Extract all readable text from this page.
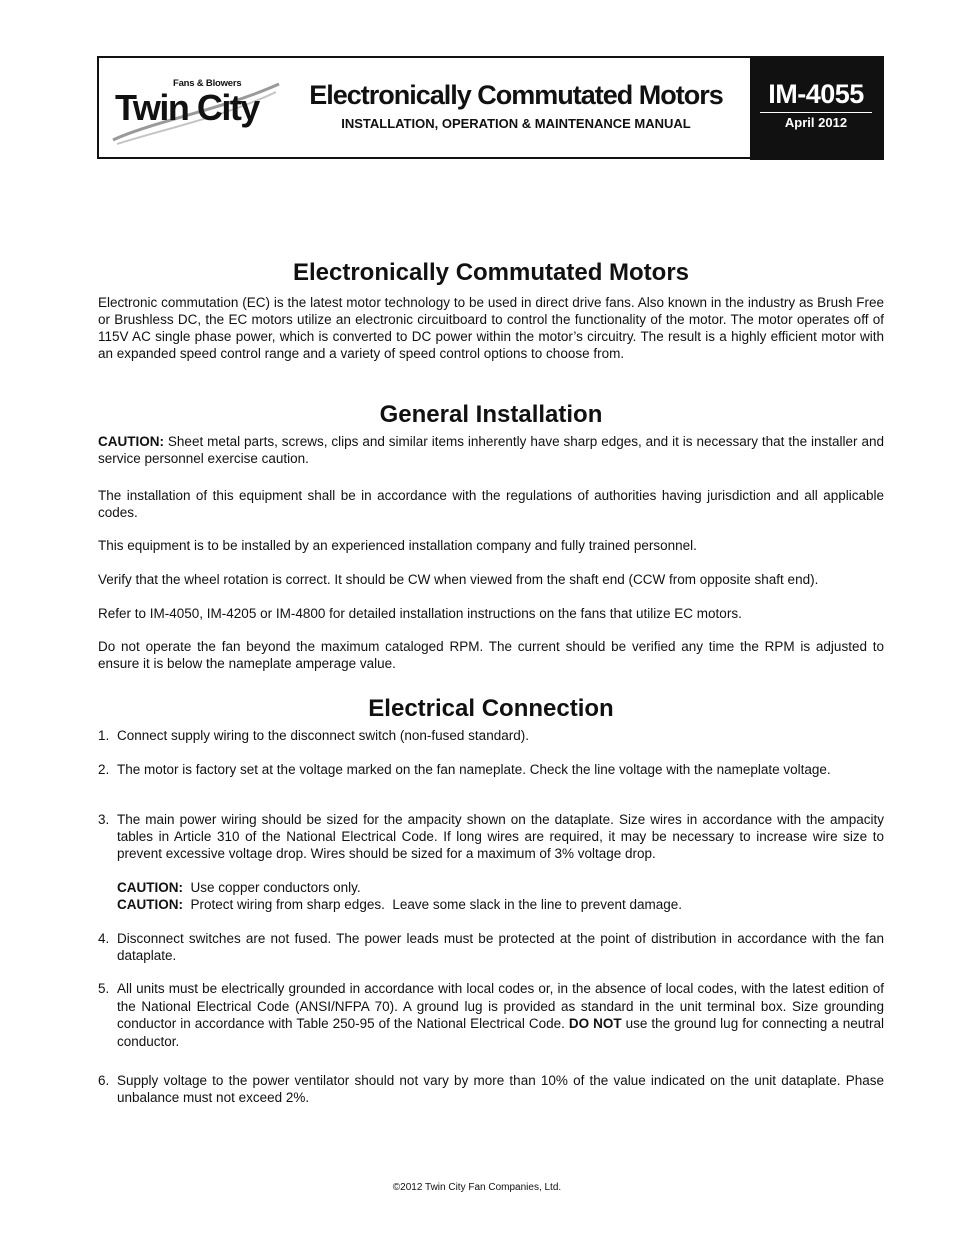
Fans & Blowers
Twin City	Electronically Commutated Motors
INSTALLATION, OPERATION & MAINTENANCE MANUAL
IM-4055
April 2012
Electronically Commutated Motors
Electronic commutation (EC) is the latest motor technology to be used in direct drive fans. Also known in the industry as Brush Free or Brushless DC, the EC motors utilize an electronic circuitboard to control the functionality of the motor. The motor operates off of 115V AC single phase power, which is converted to DC power within the motor’s circuitry. The result is a highly efficient motor with an expanded speed control range and a variety of speed control options to choose from.
General Installation
CAUTION: Sheet metal parts, screws, clips and similar items inherently have sharp edges, and it is necessary that the installer and service personnel exercise caution.
The installation of this equipment shall be in accordance with the regulations of authorities having jurisdiction and all applicable codes.
This equipment is to be installed by an experienced installation company and fully trained personnel.
Verify that the wheel rotation is correct. It should be CW when viewed from the shaft end (CCW from opposite shaft end).
Refer to IM-4050, IM-4205 or IM-4800 for detailed installation instructions on the fans that utilize EC motors.
Do not operate the fan beyond the maximum cataloged RPM. The current should be verified any time the RPM is adjusted to ensure it is below the nameplate amperage value.
Electrical Connection
1. Connect supply wiring to the disconnect switch (non-fused standard).
2. The motor is factory set at the voltage marked on the fan nameplate. Check the line voltage with the nameplate voltage.
3. The main power wiring should be sized for the ampacity shown on the dataplate. Size wires in accordance with the ampacity tables in Article 310 of the National Electrical Code. If long wires are required, it may be necessary to increase wire size to prevent excessive voltage drop. Wires should be sized for a maximum of 3% voltage drop.
CAUTION:  Use copper conductors only.
CAUTION:  Protect wiring from sharp edges.  Leave some slack in the line to prevent damage.
4. Disconnect switches are not fused. The power leads must be protected at the point of distribution in accordance with the fan dataplate.
5. All units must be electrically grounded in accordance with local codes or, in the absence of local codes, with the latest edition of the National Electrical Code (ANSI/NFPA 70). A ground lug is provided as standard in the unit terminal box. Size grounding conductor in accordance with Table 250-95 of the National Electrical Code. DO NOT use the ground lug for connecting a neutral conductor.
6. Supply voltage to the power ventilator should not vary by more than 10% of the value indicated on the unit dataplate. Phase unbalance must not exceed 2%.
©2012 Twin City Fan Companies, Ltd.
